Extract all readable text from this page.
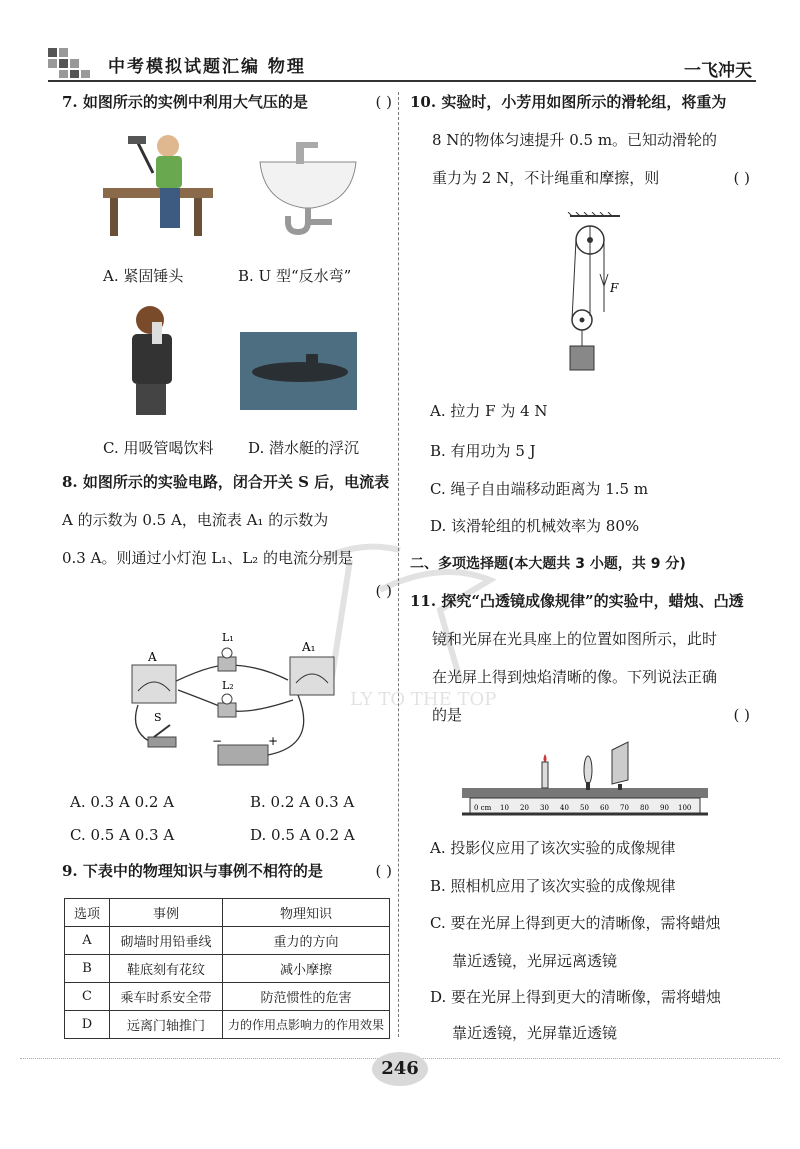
中考模拟试题汇编 物理	一飞冲天
LY TO THE TOP
7. 如图所示的实例中利用大气压的是	( )
A. 紧固锤头	B. U 型“反水弯”
C. 用吸管喝饮料 D. 潜水艇的浮沉
8. 如图所示的实验电路，闭合开关 S 后，电流表
A 的示数为 0.5 A，电流表 A₁ 的示数为
0.3 A。则通过小灯泡 L₁、L₂ 的电流分别是
( )
A
A₁
L₁
L₂
S
−	+
A. 0.3 A 0.2 A	B. 0.2 A 0.3 A
C. 0.5 A 0.3 A	D. 0.5 A 0.2 A
9. 下表中的物理知识与事例不相符的是	( )
选项	事例	物理知识
A	砌墙时用铅垂线	重力的方向
B	鞋底刻有花纹	减小摩擦
C	乘车时系安全带	防范惯性的危害
D	远离门轴推门	力的作用点影响力的作用效果
10. 实验时，小芳用如图所示的滑轮组，将重为
8 N的物体匀速提升 0.5 m。已知动滑轮的
重力为 2 N，不计绳重和摩擦，则	( )
F
A. 拉力 F 为 4 N
B. 有用功为 5 J
C. 绳子自由端移动距离为 1.5 m
D. 该滑轮组的机械效率为 80%
二、多项选择题(本大题共 3 小题，共 9 分)
11. 探究“凸透镜成像规律”的实验中，蜡烛、凸透
镜和光屏在光具座上的位置如图所示，此时
在光屏上得到烛焰清晰的像。下列说法正确
的是	( )
0 cm 10 20 30 40 50 60 70 80 90 100
A. 投影仪应用了该次实验的成像规律
B. 照相机应用了该次实验的成像规律
C. 要在光屏上得到更大的清晰像，需将蜡烛
靠近透镜，光屏远离透镜
D. 要在光屏上得到更大的清晰像，需将蜡烛
靠近透镜，光屏靠近透镜
246
